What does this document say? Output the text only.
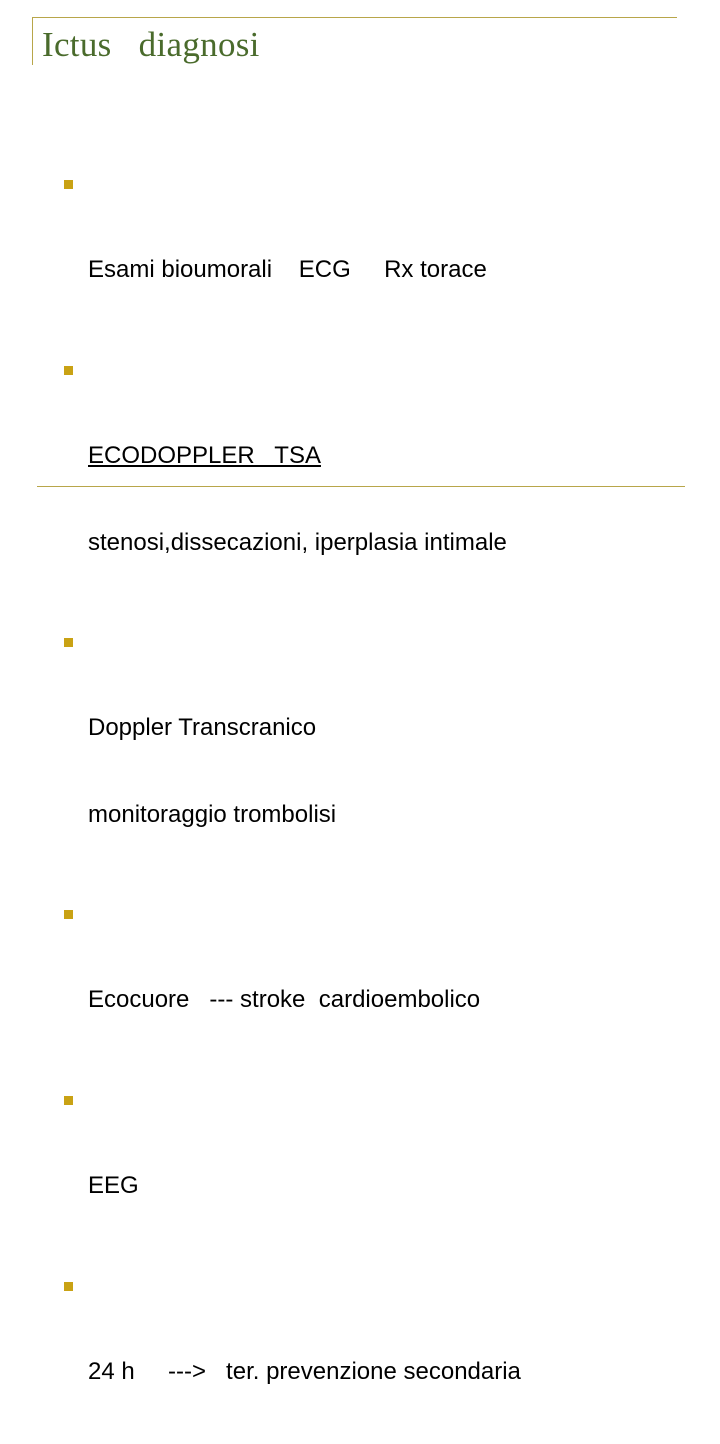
Ictus   diagnosi

Esami bioumorali    ECG     Rx torace

ECODOPPLER   TSA

stenosi,dissecazioni, iperplasia intimale

Doppler Transcranico

monitoraggio trombolisi

Ecocuore   --- stroke  cardioembolico

EEG

24 h     --->   ter. prevenzione secondaria
